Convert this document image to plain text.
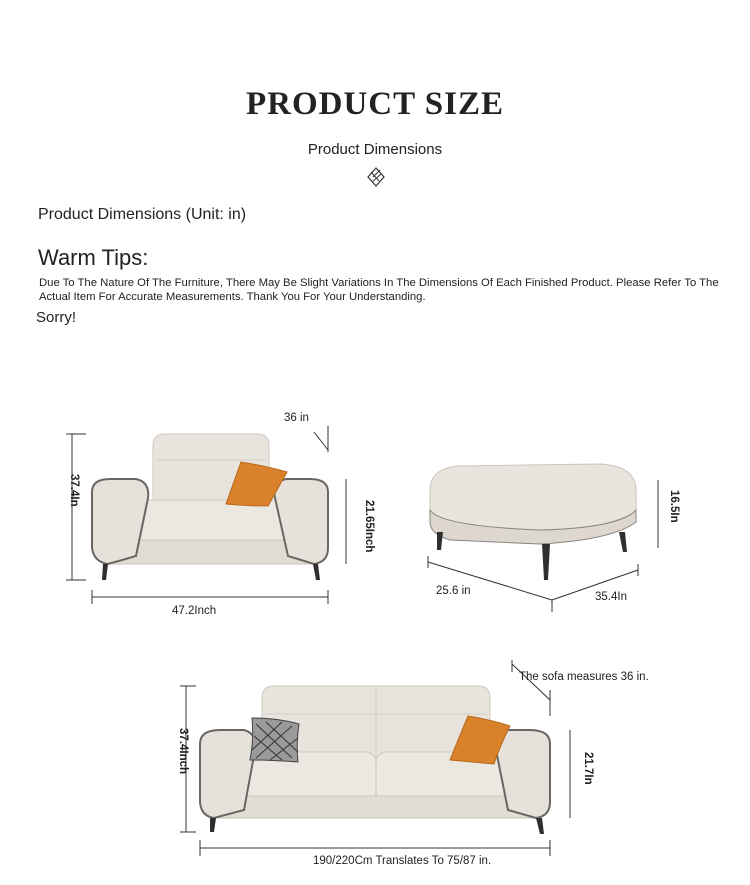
PRODUCT SIZE
Product Dimensions
Product Dimensions (Unit: in)
Warm Tips:
Due To The Nature Of The Furniture, There May Be Slight Variations In The Dimensions Of Each Finished Product. Please Refer To The Actual Item For Accurate Measurements. Thank You For Your Understanding.
Sorry!
36 in
37.4In
21.65Inch
47.2Inch
16.5In
25.6 in	35.4In
The sofa measures 36 in.
37.4Inch	21.7In
190/220Cm Translates To 75/87 in.
